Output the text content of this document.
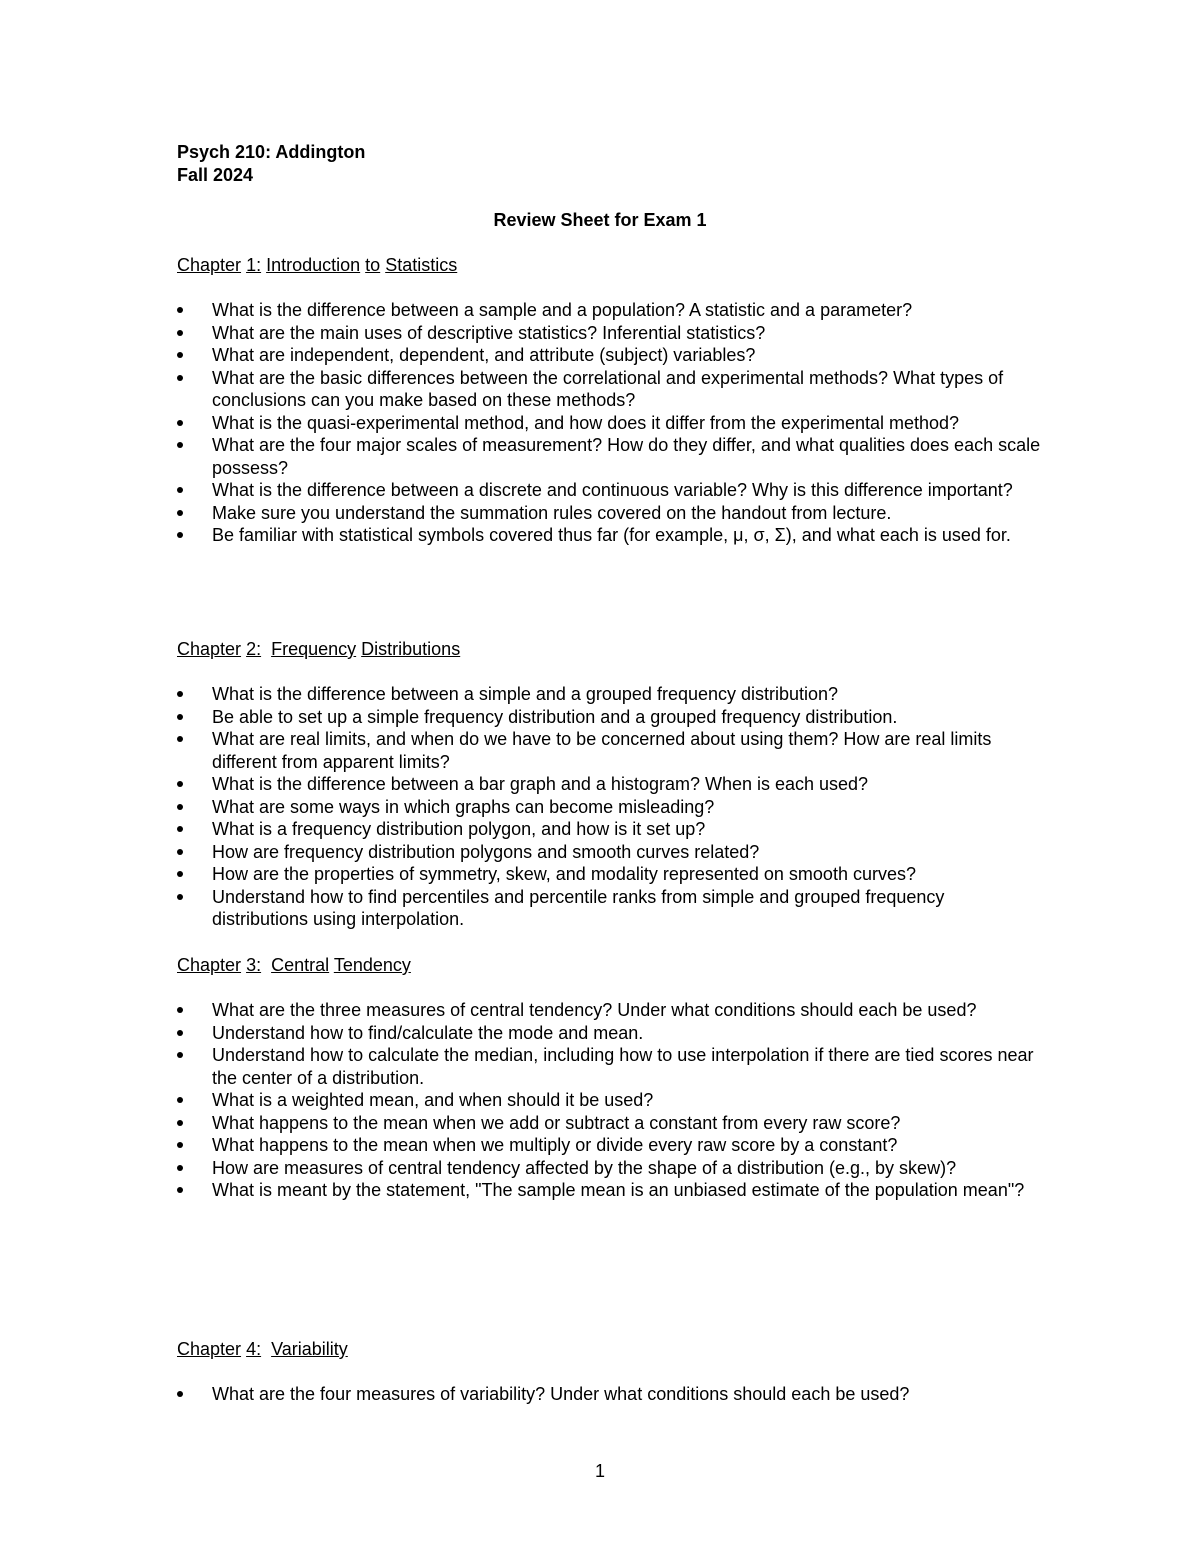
Psych 210: Addington
Fall 2024
Review Sheet for Exam 1
Chapter 1: Introduction to Statistics
What is the difference between a sample and a population? A statistic and a parameter?
What are the main uses of descriptive statistics? Inferential statistics?
What are independent, dependent, and attribute (subject) variables?
What are the basic differences between the correlational and experimental methods? What types of conclusions can you make based on these methods?
What is the quasi-experimental method, and how does it differ from the experimental method?
What are the four major scales of measurement? How do they differ, and what qualities does each scale possess?
What is the difference between a discrete and continuous variable? Why is this difference important?
Make sure you understand the summation rules covered on the handout from lecture.
Be familiar with statistical symbols covered thus far (for example, μ, σ, Σ), and what each is used for.
Chapter 2: Frequency Distributions
What is the difference between a simple and a grouped frequency distribution?
Be able to set up a simple frequency distribution and a grouped frequency distribution.
What are real limits, and when do we have to be concerned about using them? How are real limits different from apparent limits?
What is the difference between a bar graph and a histogram? When is each used?
What are some ways in which graphs can become misleading?
What is a frequency distribution polygon, and how is it set up?
How are frequency distribution polygons and smooth curves related?
How are the properties of symmetry, skew, and modality represented on smooth curves?
Understand how to find percentiles and percentile ranks from simple and grouped frequency distributions using interpolation.
Chapter 3: Central Tendency
What are the three measures of central tendency? Under what conditions should each be used?
Understand how to find/calculate the mode and mean.
Understand how to calculate the median, including how to use interpolation if there are tied scores near the center of a distribution.
What is a weighted mean, and when should it be used?
What happens to the mean when we add or subtract a constant from every raw score?
What happens to the mean when we multiply or divide every raw score by a constant?
How are measures of central tendency affected by the shape of a distribution (e.g., by skew)?
What is meant by the statement, "The sample mean is an unbiased estimate of the population mean"?
Chapter 4: Variability
What are the four measures of variability? Under what conditions should each be used?
1
